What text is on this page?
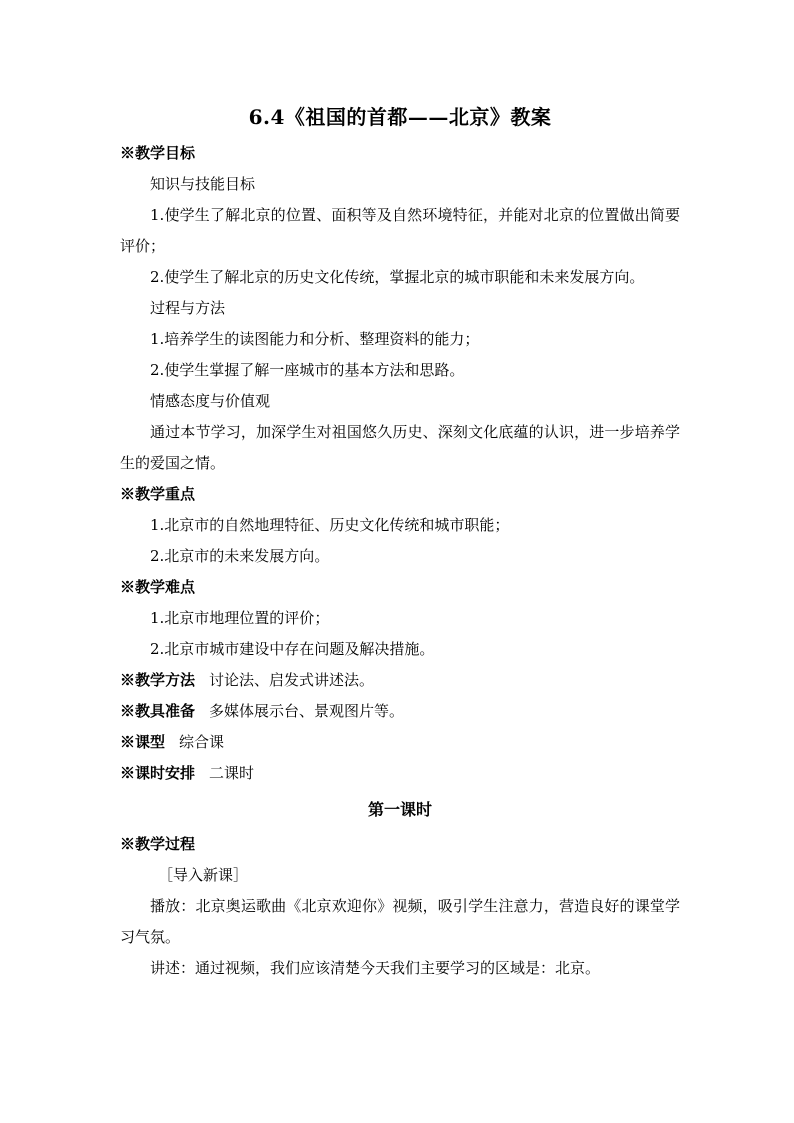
6.4《祖国的首都——北京》教案

※教学目标

知识与技能目标

1.使学生了解北京的位置、面积等及自然环境特征，并能对北京的位置做出简要评价；

2.使学生了解北京的历史文化传统，掌握北京的城市职能和未来发展方向。

过程与方法

1.培养学生的读图能力和分析、整理资料的能力；

2.使学生掌握了解一座城市的基本方法和思路。

情感态度与价值观

通过本节学习，加深学生对祖国悠久历史、深刻文化底蕴的认识，进一步培养学生的爱国之情。

※教学重点

1.北京市的自然地理特征、历史文化传统和城市职能；

2.北京市的未来发展方向。

※教学难点

1.北京市地理位置的评价；

2.北京市城市建设中存在问题及解决措施。

※教学方法 讨论法、启发式讲述法。

※教具准备 多媒体展示台、景观图片等。

※课型 综合课

※课时安排 二课时

第一课时

※教学过程

［导入新课］

播放：北京奥运歌曲《北京欢迎你》视频，吸引学生注意力，营造良好的课堂学习气氛。

讲述：通过视频，我们应该清楚今天我们主要学习的区域是：北京。
